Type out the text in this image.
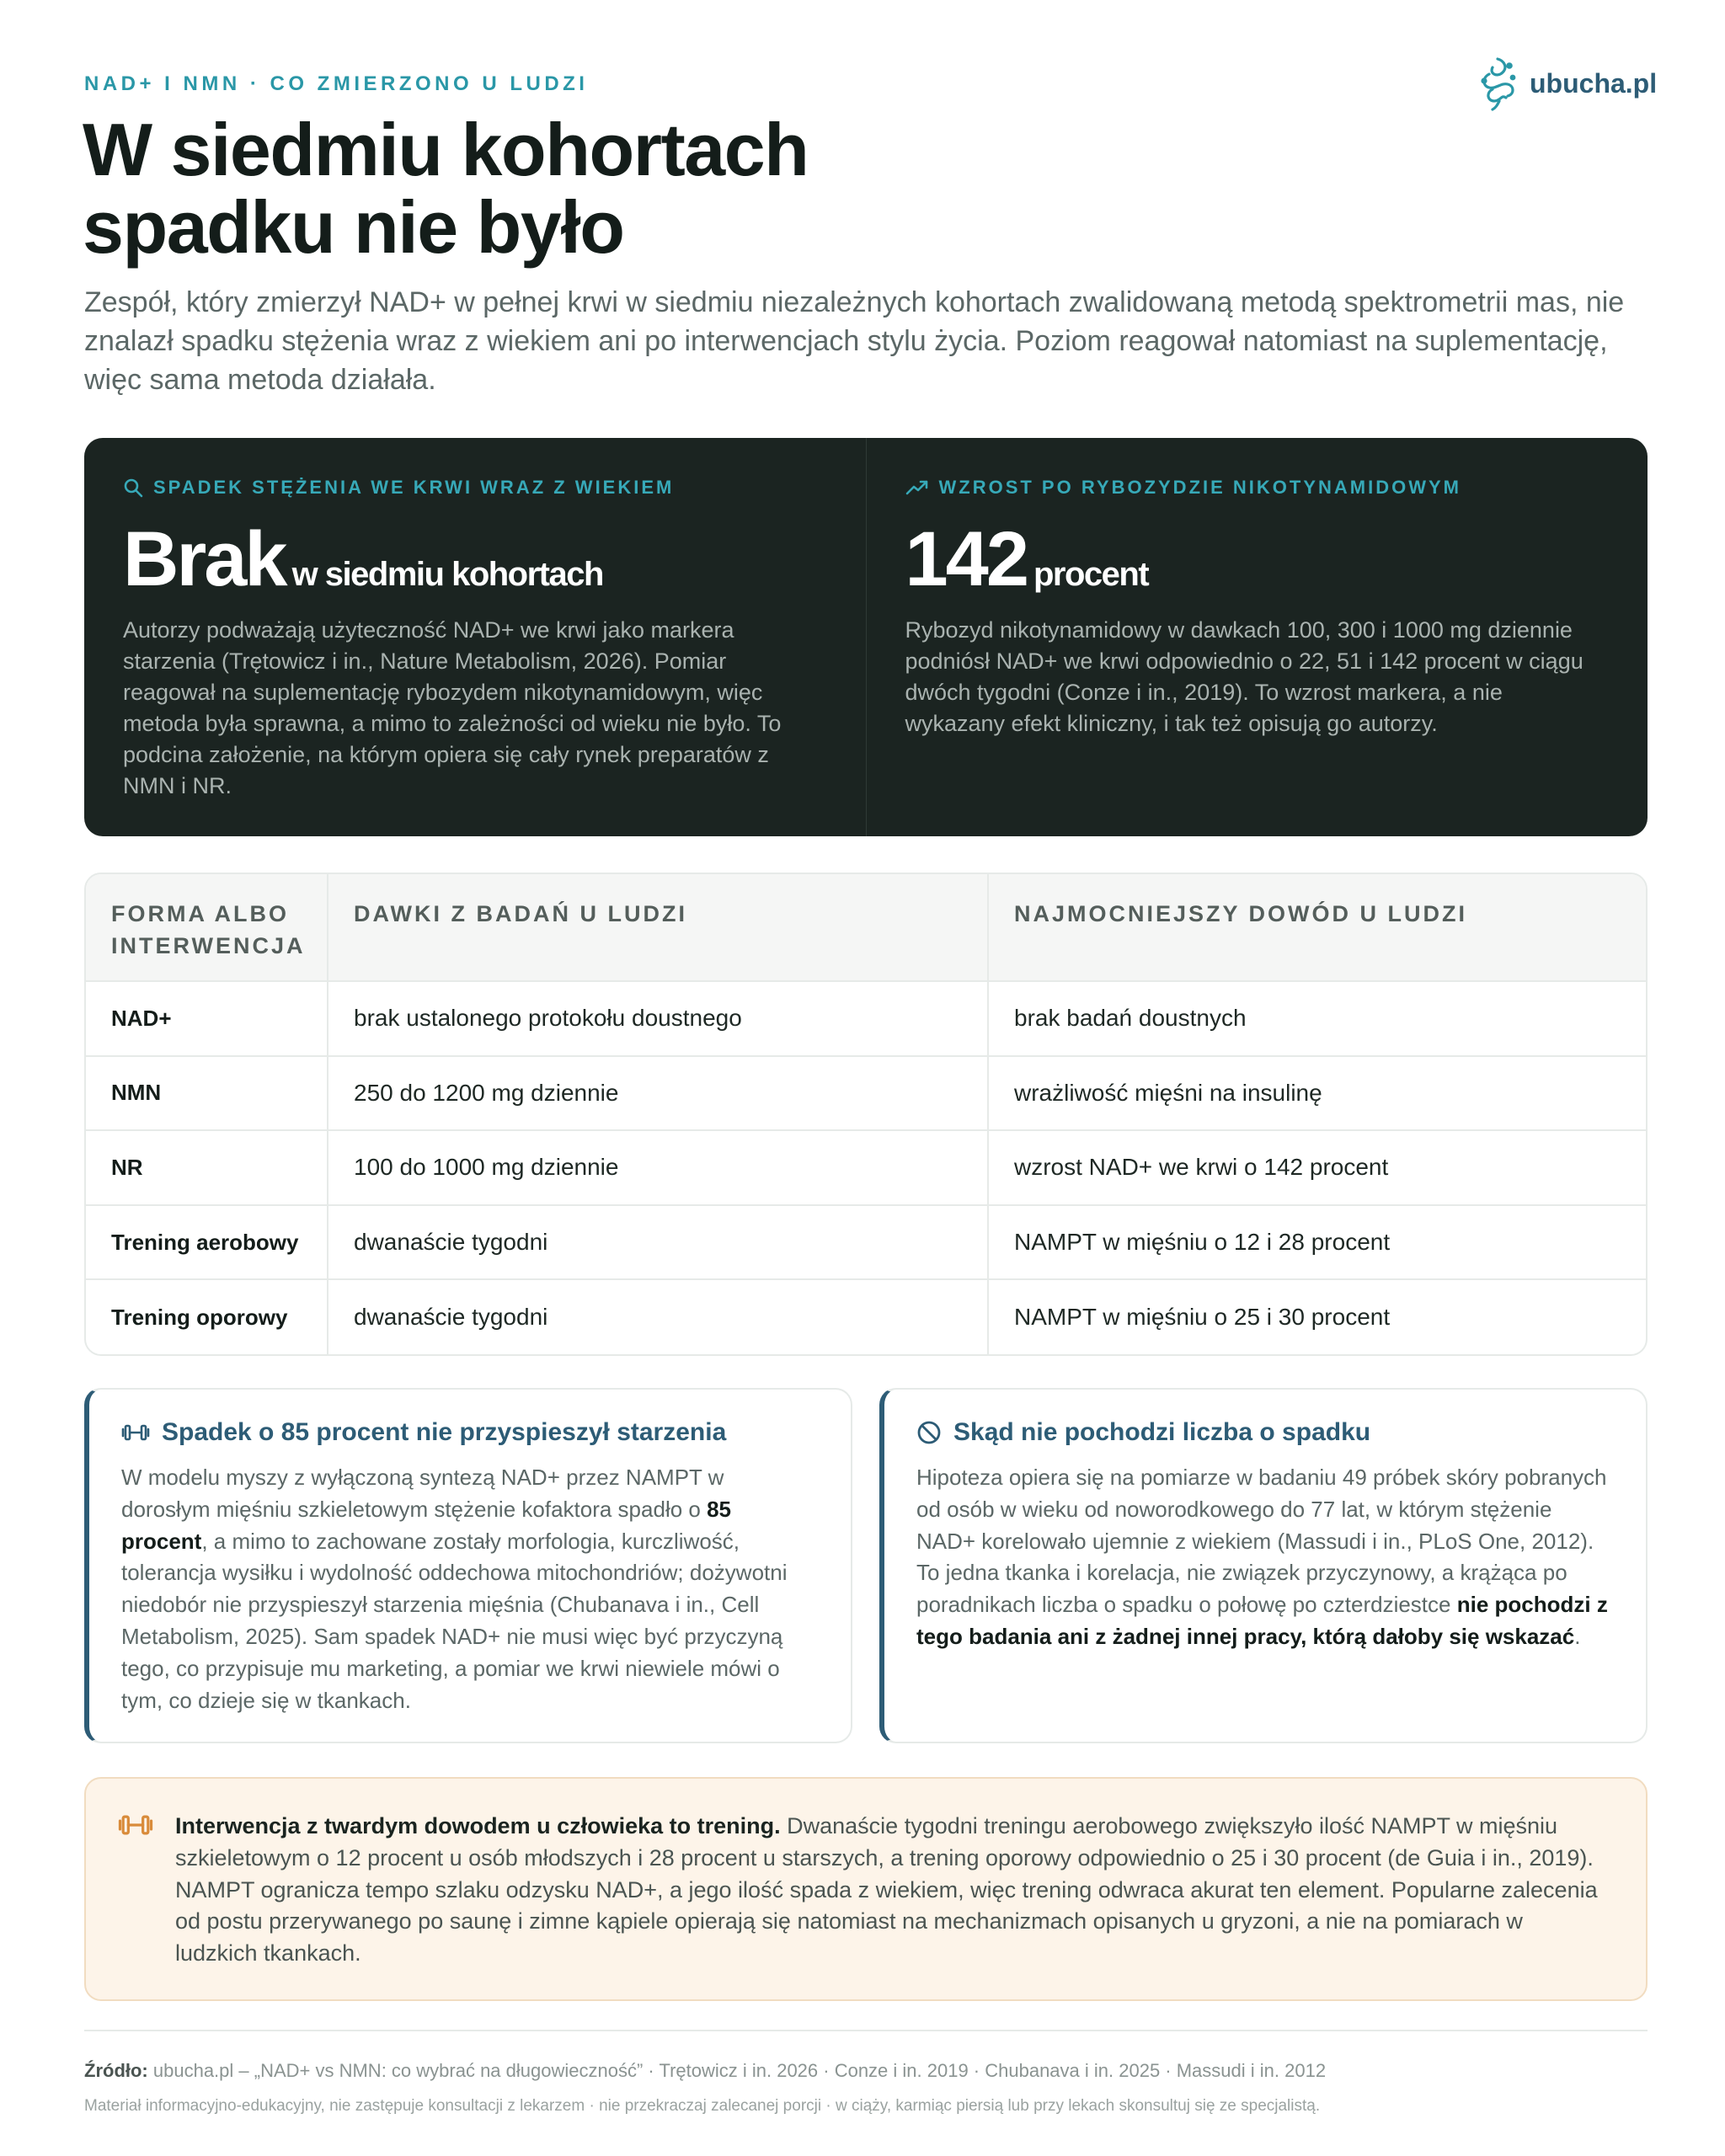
NAD+ I NMN · CO ZMIERZONO U LUDZI	ubucha.pl
W siedmiu kohortach
spadku nie było

Zespół, który zmierzył NAD+ w pełnej krwi w siedmiu niezależnych kohortach zwalidowaną metodą spektrometrii mas, nie znalazł spadku stężenia wraz z wiekiem ani po interwencjach stylu życia. Poziom reagował natomiast na suplementację, więc sama metoda działała.

SPADEK STĘŻENIA WE KRWI WRAZ Z WIEKIEM
Brak w siedmiu kohortach

Autorzy podważają użyteczność NAD+ we krwi jako markera starzenia (Trętowicz i in., Nature Metabolism, 2026). Pomiar reagował na suplementację rybozydem nikotynamidowym, więc metoda była sprawna, a mimo to zależności od wieku nie było. To podcina założenie, na którym opiera się cały rynek preparatów z NMN i NR.

WZROST PO RYBOZYDZIE NIKOTYNAMIDOWYM
142 procent

Rybozyd nikotynamidowy w dawkach 100, 300 i 1000 mg dziennie podniósł NAD+ we krwi odpowiednio o 22, 51 i 142 procent w ciągu dwóch tygodni (Conze i in., 2019). To wzrost markera, a nie wykazany efekt kliniczny, i tak też opisują go autorzy.

FORMA ALBO INTERWENCJA	DAWKI Z BADAŃ U LUDZI	NAJMOCNIEJSZY DOWÓD U LUDZI
NAD+	brak ustalonego protokołu doustnego	brak badań doustnych
NMN	250 do 1200 mg dziennie	wrażliwość mięśni na insulinę
NR	100 do 1000 mg dziennie	wzrost NAD+ we krwi o 142 procent
Trening aerobowy	dwanaście tygodni	NAMPT w mięśniu o 12 i 28 procent
Trening oporowy	dwanaście tygodni	NAMPT w mięśniu o 25 i 30 procent
Spadek o 85 procent nie przyspieszył starzenia

W modelu myszy z wyłączoną syntezą NAD+ przez NAMPT w dorosłym mięśniu szkieletowym stężenie kofaktora spadło o 85 procent, a mimo to zachowane zostały morfologia, kurczliwość, tolerancja wysiłku i wydolność oddechowa mitochondriów; dożywotni niedobór nie przyspieszył starzenia mięśnia (Chubanava i in., Cell Metabolism, 2025). Sam spadek NAD+ nie musi więc być przyczyną tego, co przypisuje mu marketing, a pomiar we krwi niewiele mówi o tym, co dzieje się w tkankach.

Skąd nie pochodzi liczba o spadku

Hipoteza opiera się na pomiarze w badaniu 49 próbek skóry pobranych od osób w wieku od noworodkowego do 77 lat, w którym stężenie NAD+ korelowało ujemnie z wiekiem (Massudi i in., PLoS One, 2012). To jedna tkanka i korelacja, nie związek przyczynowy, a krążąca po poradnikach liczba o spadku o połowę po czterdziestce nie pochodzi z tego badania ani z żadnej innej pracy, którą dałoby się wskazać.

Interwencja z twardym dowodem u człowieka to trening. Dwanaście tygodni treningu aerobowego zwiększyło ilość NAMPT w mięśniu szkieletowym o 12 procent u osób młodszych i 28 procent u starszych, a trening oporowy odpowiednio o 25 i 30 procent (de Guia i in., 2019). NAMPT ogranicza tempo szlaku odzysku NAD+, a jego ilość spada z wiekiem, więc trening odwraca akurat ten element. Popularne zalecenia od postu przerywanego po saunę i zimne kąpiele opierają się natomiast na mechanizmach opisanych u gryzoni, a nie na pomiarach w ludzkich tkankach.

Źródło: ubucha.pl – „NAD+ vs NMN: co wybrać na długowieczność” · Trętowicz i in. 2026 · Conze i in. 2019 · Chubanava i in. 2025 · Massudi i in. 2012
Materiał informacyjno-edukacyjny, nie zastępuje konsultacji z lekarzem · nie przekraczaj zalecanej porcji · w ciąży, karmiąc piersią lub przy lekach skonsultuj się ze specjalistą.
